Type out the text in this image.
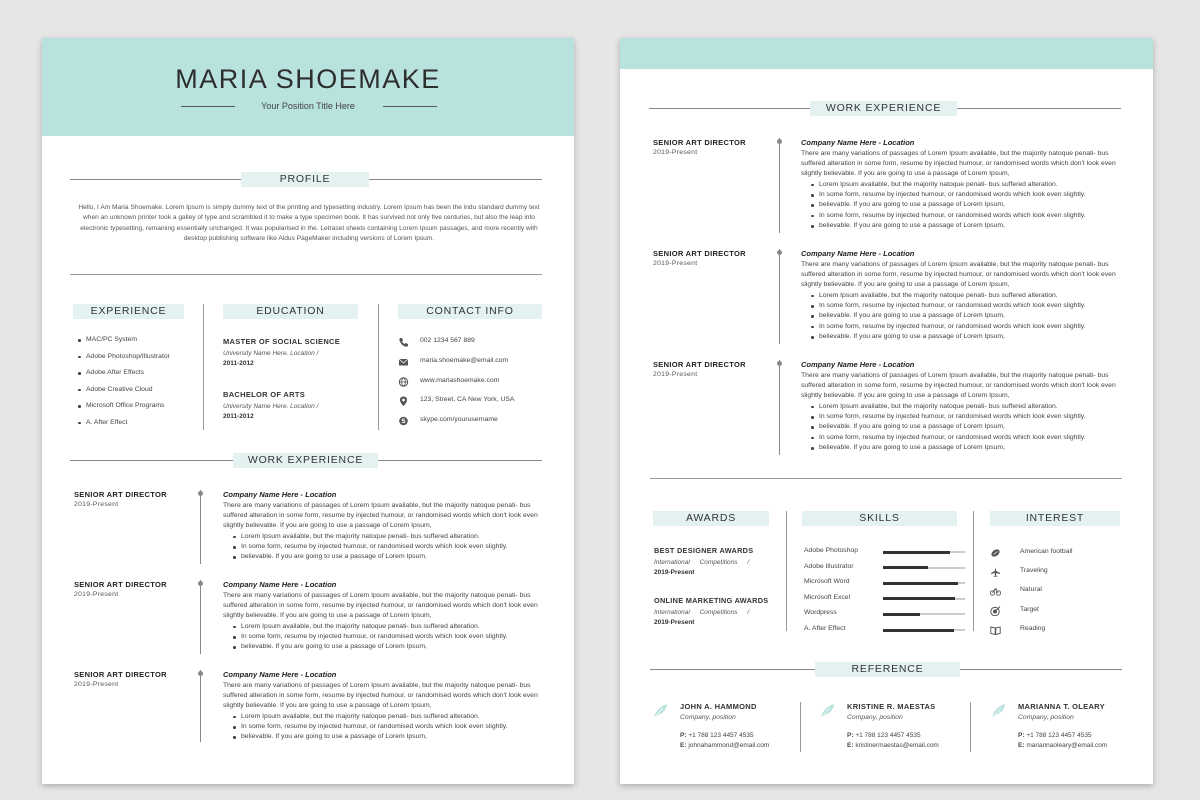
MARIA SHOEMAKE
Your Position Title Here
PROFILE
Hello, I Am Maria Shoemake. Lorem Ipsum is simply dummy text of the printing and typesetting industry. Lorem Ipsum has been the indu standard dummy text when an unknown printer took a galley of type and scrambled it to make a type specimen book. It has survived not only five centuries, but also the leap into electronic typesetting, remaining essentially unchanged. It was popularised in the. Letraset sheets containing Lorem Ipsum passages, and more recently with desktop publishing software like Aldus PageMaker including versions of Lorem Ipsum.
EXPERIENCE
MAC/PC System
Adobe Photoshop/Illustrator
Adobe After Effects
Adobe Creative Cloud
Microsoft Office Programs
A. After Effect
EDUCATION
MASTER OF SOCIAL SCIENCE
University Name Here. Location /
2011-2012
BACHELOR OF ARTS
University Name Here. Location /
2011-2012
CONTACT INFO
002 1234 567 889
maria.shoemake@email.com
www.mariashoemake.com
123, Street, CA New York, USA
S skype.com/yourusername
WORK EXPERIENCE
SENIOR ART DIRECTOR
2019-Present
Company Name Here - Location
There are many variations of passages of Lorem Ipsum available, but the majority natoque penati- bus suffered alteration in some form, resume by injected humour, or randomised words which don't look even slightly believable. If you are going to use a passage of Lorem Ipsum,
Lorem Ipsum available, but the majority natoque penati- bus suffered alteration.
In some form, resume by injected humour, or randomised words which look even slightly.
believable. If you are going to use a passage of Lorem Ipsum,
SENIOR ART DIRECTOR
2019-Present
Company Name Here - Location
There are many variations of passages of Lorem Ipsum available, but the majority natoque penati- bus suffered alteration in some form, resume by injected humour, or randomised words which don't look even slightly believable. If you are going to use a passage of Lorem Ipsum,
Lorem Ipsum available, but the majority natoque penati- bus suffered alteration.
In some form, resume by injected humour, or randomised words which look even slightly.
believable. If you are going to use a passage of Lorem Ipsum,
SENIOR ART DIRECTOR
2019-Present
Company Name Here - Location
There are many variations of passages of Lorem Ipsum available, but the majority natoque penati- bus suffered alteration in some form, resume by injected humour, or randomised words which don't look even slightly believable. If you are going to use a passage of Lorem Ipsum,
Lorem Ipsum available, but the majority natoque penati- bus suffered alteration.
In some form, resume by injected humour, or randomised words which look even slightly.
believable. If you are going to use a passage of Lorem Ipsum,
WORK EXPERIENCE
AWARDS
BEST DESIGNER AWARDS
International Competitions /
2019-Present
ONLINE MARKETING AWARDS
International Competitions /
2019-Present
SKILLS
Adobe Photoshop
Adobe Illustrator
Microsoft Word
Microsoft Excel
Wordpress
A. After Effect
INTEREST
American football
Traveling
Natural
Target
Reading
REFERENCE
SENIOR ART DIRECTOR
2019-Present
Company Name Here - Location
There are many variations of passages of Lorem Ipsum available, but the majority natoque penati- bus suffered alteration in some form, resume by injected humour, or randomised words which don't look even slightly believable. If you are going to use a passage of Lorem Ipsum,
Lorem Ipsum available, but the majority natoque penati- bus suffered alteration.
In some form, resume by injected humour, or randomised words which look even slightly.
believable. If you are going to use a passage of Lorem Ipsum,
In some form, resume by injected humour, or randomised words which look even slightly.
believable. If you are going to use a passage of Lorem Ipsum,
SENIOR ART DIRECTOR
2019-Present
Company Name Here - Location
There are many variations of passages of Lorem Ipsum available, but the majority natoque penati- bus suffered alteration in some form, resume by injected humour, or randomised words which don't look even slightly believable. If you are going to use a passage of Lorem Ipsum,
Lorem Ipsum available, but the majority natoque penati- bus suffered alteration.
In some form, resume by injected humour, or randomised words which look even slightly.
believable. If you are going to use a passage of Lorem Ipsum,
In some form, resume by injected humour, or randomised words which look even slightly.
believable. If you are going to use a passage of Lorem Ipsum,
SENIOR ART DIRECTOR
2019-Present
Company Name Here - Location
There are many variations of passages of Lorem Ipsum available, but the majority natoque penati- bus suffered alteration in some form, resume by injected humour, or randomised words which don't look even slightly believable. If you are going to use a passage of Lorem Ipsum,
Lorem Ipsum available, but the majority natoque penati- bus suffered alteration.
In some form, resume by injected humour, or randomised words which look even slightly.
believable. If you are going to use a passage of Lorem Ipsum,
In some form, resume by injected humour, or randomised words which look even slightly.
believable. If you are going to use a passage of Lorem Ipsum,
JOHN A. HAMMOND
Company, position
P: +1 788 123 4457 4535
E: johnahammond@email.com
KRISTINE R. MAESTAS
Company, position
P: +1 788 123 4457 4535
E: kristinermaestas@email.com
MARIANNA T. OLEARY
Company, position
P: +1 788 123 4457 4535
E: mariannaoleary@email.com
